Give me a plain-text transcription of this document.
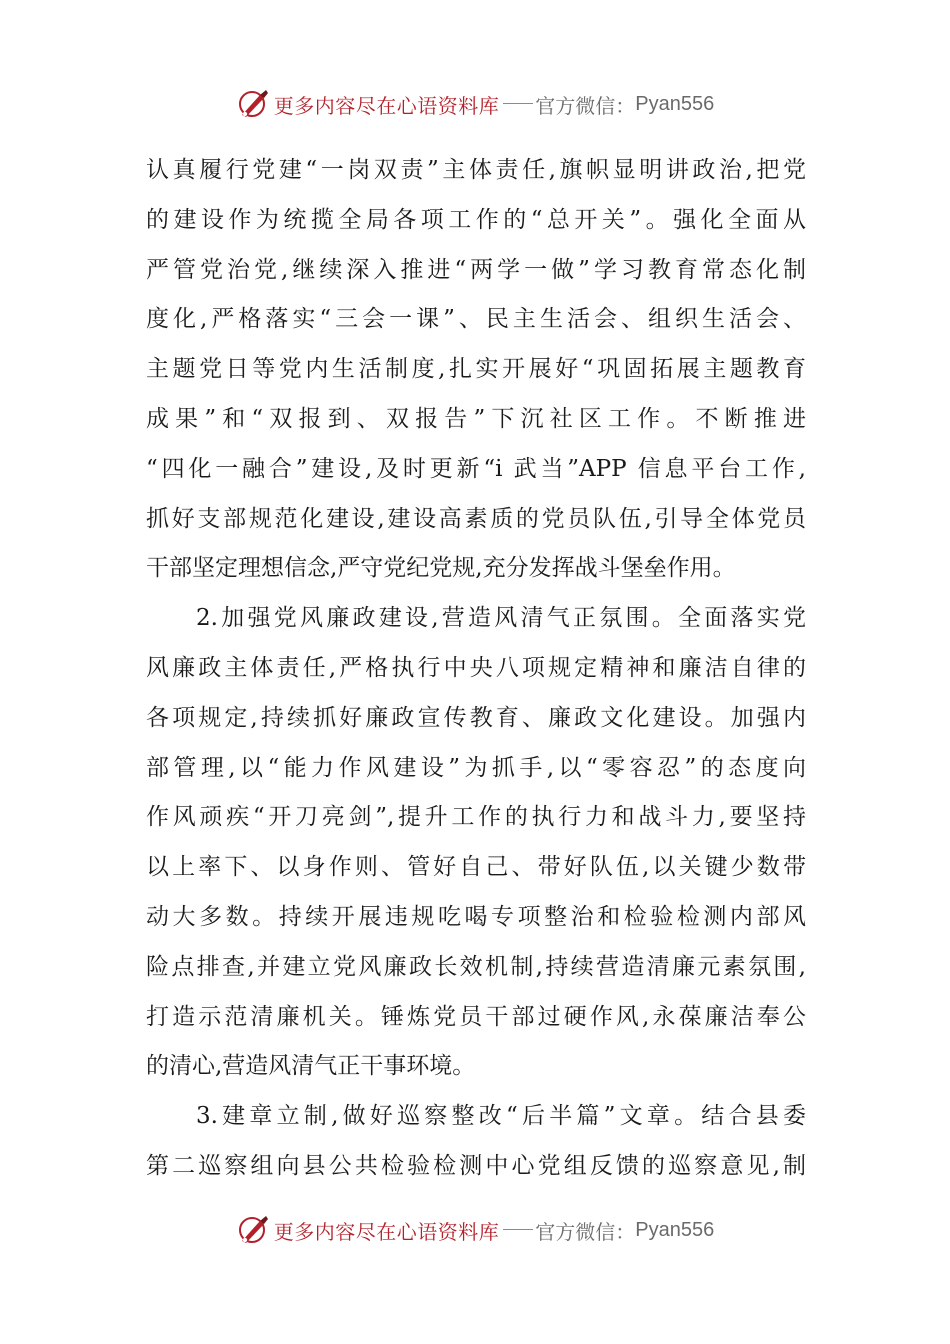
更多内容尽在心语资料库 官方微信： Pyan556
认真履行党建“一岗双责”主体责任,旗帜显明讲政治,把党
的建设作为统揽全局各项工作的“总开关”。强化全面从
严管党治党,继续深入推进“两学一做”学习教育常态化制
度化,严格落实“三会一课”、民主生活会、组织生活会、
主题党日等党内生活制度,扎实开展好“巩固拓展主题教育
成果”和“双报到、双报告”下沉社区工作。不断推进
“四化一融合”建设,及时更新“i 武当”APP 信息平台工作,
抓好支部规范化建设,建设高素质的党员队伍,引导全体党员
干部坚定理想信念,严守党纪党规,充分发挥战斗堡垒作用。
2.加强党风廉政建设,营造风清气正氛围。全面落实党
风廉政主体责任,严格执行中央八项规定精神和廉洁自律的
各项规定,持续抓好廉政宣传教育、廉政文化建设。加强内
部管理,以“能力作风建设”为抓手,以“零容忍”的态度向
作风顽疾“开刀亮剑”,提升工作的执行力和战斗力,要坚持
以上率下、以身作则、管好自己、带好队伍,以关键少数带
动大多数。持续开展违规吃喝专项整治和检验检测内部风
险点排查,并建立党风廉政长效机制,持续营造清廉元素氛围,
打造示范清廉机关。锤炼党员干部过硬作风,永葆廉洁奉公
的清心,营造风清气正干事环境。
3.建章立制,做好巡察整改“后半篇”文章。结合县委
第二巡察组向县公共检验检测中心党组反馈的巡察意见,制
更多内容尽在心语资料库 官方微信： Pyan556
